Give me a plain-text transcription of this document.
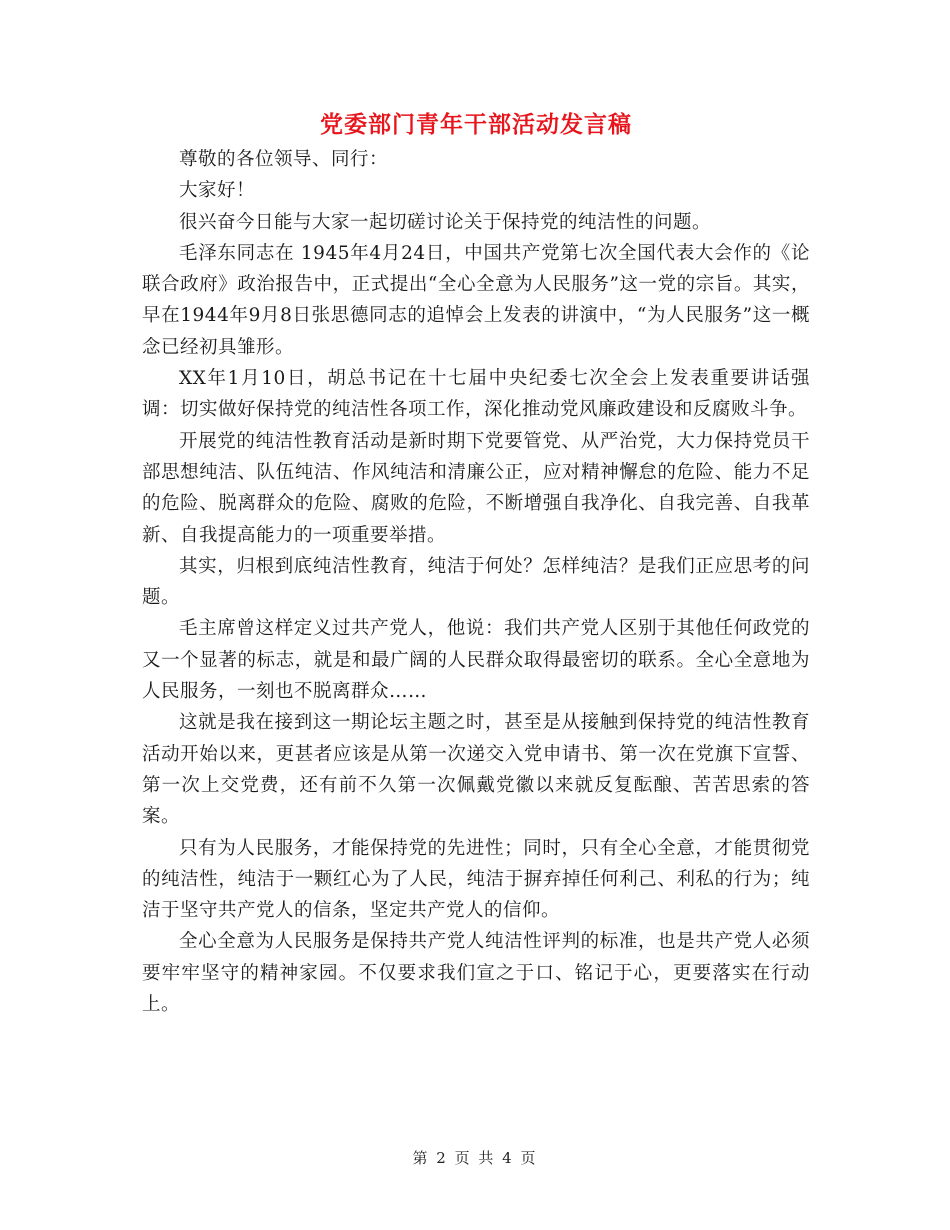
党委部门青年干部活动发言稿

尊敬的各位领导、同行：

大家好！

很兴奋今日能与大家一起切磋讨论关于保持党的纯洁性的问题。

毛泽东同志在 1945年4月24日，中国共产党第七次全国代表大会作的《论联合政府》政治报告中，正式提出“全心全意为人民服务”这一党的宗旨。其实，早在1944年9月8日张思德同志的追悼会上发表的讲演中，“为人民服务”这一概念已经初具雏形。

XX年1月10日，胡总书记在十七届中央纪委七次全会上发表重要讲话强调：切实做好保持党的纯洁性各项工作，深化推动党风廉政建设和反腐败斗争。

开展党的纯洁性教育活动是新时期下党要管党、从严治党，大力保持党员干部思想纯洁、队伍纯洁、作风纯洁和清廉公正，应对精神懈怠的危险、能力不足的危险、脱离群众的危险、腐败的危险，不断增强自我净化、自我完善、自我革新、自我提高能力的一项重要举措。

其实，归根到底纯洁性教育，纯洁于何处？怎样纯洁？是我们正应思考的问题。

毛主席曾这样定义过共产党人，他说：我们共产党人区别于其他任何政党的又一个显著的标志，就是和最广阔的人民群众取得最密切的联系。全心全意地为人民服务，一刻也不脱离群众……

这就是我在接到这一期论坛主题之时，甚至是从接触到保持党的纯洁性教育活动开始以来，更甚者应该是从第一次递交入党申请书、第一次在党旗下宣誓、第一次上交党费，还有前不久第一次佩戴党徽以来就反复酝酿、苦苦思索的答案。

只有为人民服务，才能保持党的先进性；同时，只有全心全意，才能贯彻党的纯洁性，纯洁于一颗红心为了人民，纯洁于摒弃掉任何利己、利私的行为；纯洁于坚守共产党人的信条，坚定共产党人的信仰。

全心全意为人民服务是保持共产党人纯洁性评判的标准，也是共产党人必须要牢牢坚守的精神家园。不仅要求我们宣之于口、铭记于心，更要落实在行动上。

第 2 页 共 4 页
